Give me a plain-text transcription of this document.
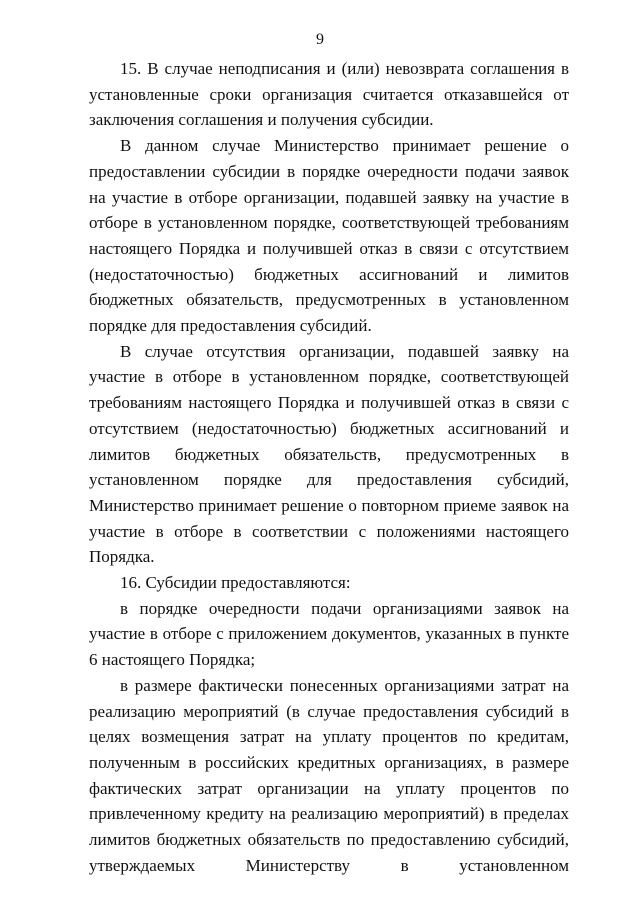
9

15. В случае неподписания и (или) невозврата соглашения в установленные сроки организация считается отказавшейся от заключения соглашения и получения субсидии.

В данном случае Министерство принимает решение о предоставлении субсидии в порядке очередности подачи заявок на участие в отборе организации, подавшей заявку на участие в отборе в установленном порядке, соответствующей требованиям настоящего Порядка и получившей отказ в связи с отсутствием (недостаточностью) бюджетных ассигнований и лимитов бюджетных обязательств, предусмотренных в установленном порядке для предоставления субсидий.

В случае отсутствия организации, подавшей заявку на участие в отборе в установленном порядке, соответствующей требованиям настоящего Порядка и получившей отказ в связи с отсутствием (недостаточностью) бюджетных ассигнований и лимитов бюджетных обязательств, предусмотренных в установленном порядке для предоставления субсидий, Министерство принимает решение о повторном приеме заявок на участие в отборе в соответствии с положениями настоящего Порядка.

16. Субсидии предоставляются:

в порядке очередности подачи организациями заявок на участие в отборе с приложением документов, указанных в пункте 6 настоящего Порядка;

в размере фактически понесенных организациями затрат на реализацию мероприятий (в случае предоставления субсидий в целях возмещения затрат на уплату процентов по кредитам, полученным в российских кредитных организациях, в размере фактических затрат организации на уплату процентов по привлеченному кредиту на реализацию мероприятий) в пределах лимитов бюджетных обязательств по предоставлению субсидий, утверждаемых Министерству в установленном
